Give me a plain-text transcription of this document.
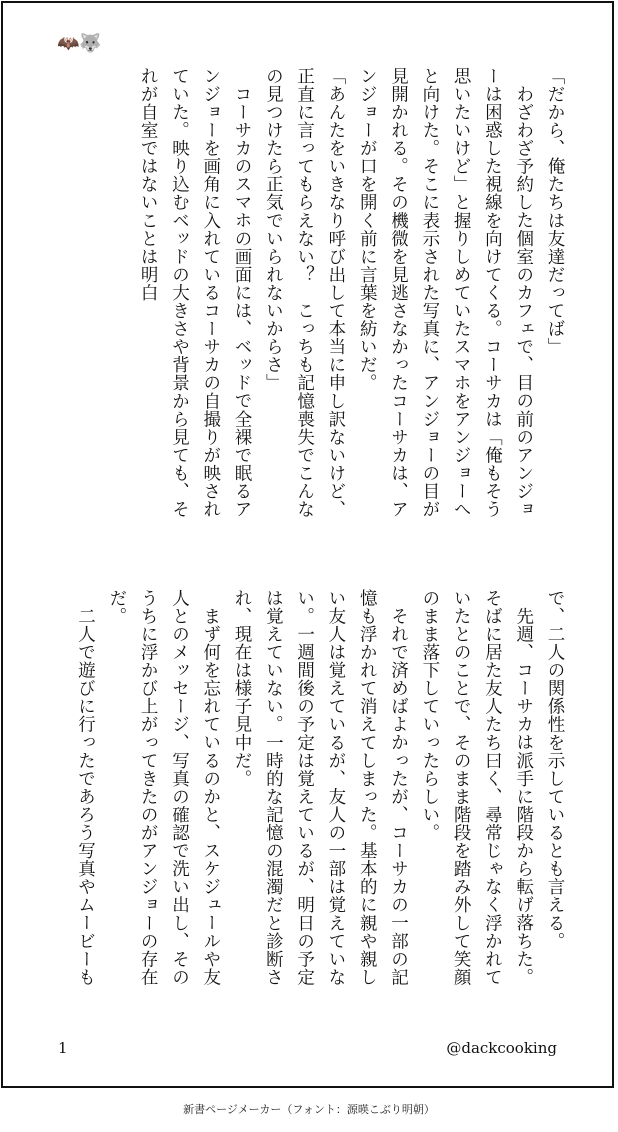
🦇🐺

「だから、俺たちは友達だってば」

わざわざ予約した個室のカフェで、目の前のアンジョーは困惑した視線を向けてくる。コーサカは「俺もそう思いたいけど」と握りしめていたスマホをアンジョーへと向けた。そこに表示された写真に、アンジョーの目が見開かれる。その機微を見逃さなかったコーサカは、アンジョーが口を開く前に言葉を紡いだ。

「あんたをいきなり呼び出して本当に申し訳ないけど、正直に言ってもらえない？　こっちも記憶喪失でこんなの見つけたら正気でいられないからさ」

コーサカのスマホの画面には、ベッドで全裸で眠るアンジョーを画角に入れているコーサカの自撮りが映されていた。映り込むベッドの大きさや背景から見ても、それが自室ではないことは明白

で、二人の関係性を示しているとも言える。

先週、コーサカは派手に階段から転げ落ちた。そばに居た友人たち曰く、尋常じゃなく浮かれていたとのことで、そのまま階段を踏み外して笑顔のまま落下していったらしい。

それで済めばよかったが、コーサカの一部の記憶も浮かれて消えてしまった。基本的に親や親しい友人は覚えているが、友人の一部は覚えていない。一週間後の予定は覚えているが、明日の予定は覚えていない。一時的な記憶の混濁だと診断され、現在は様子見中だ。

まず何を忘れているのかと、スケジュールや友人とのメッセージ、写真の確認で洗い出し、そのうちに浮かび上がってきたのがアンジョーの存在だ。

二人で遊びに行ったであろう写真やムービーも

1	@dackcooking
新書ページメーカー（フォント：源暎こぶり明朝）
